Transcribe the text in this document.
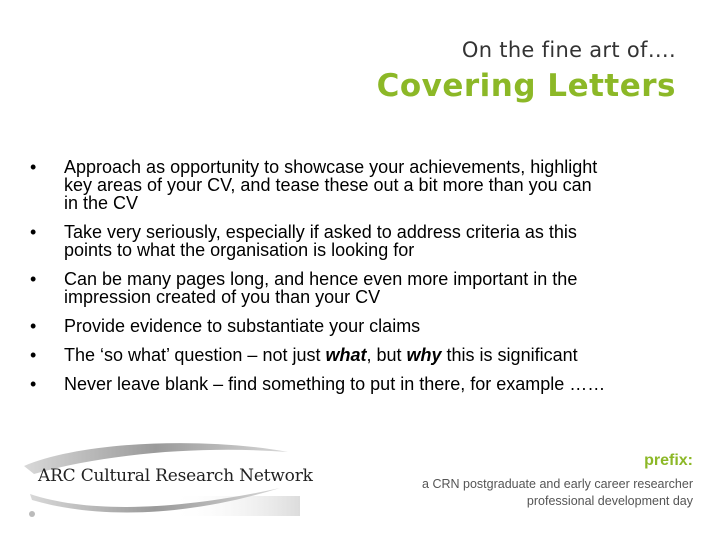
On the fine art of….
Covering Letters
• Approach as opportunity to showcase your achievements, highlight
key areas of your CV, and tease these out a bit more than you can
in the CV
• Take very seriously, especially if asked to address criteria as this
points to what the organisation is looking for
• Can be many pages long, and hence even more important in the
impression created of you than your CV
• Provide evidence to substantiate your claims
• The ‘so what’ question – not just what, but why this is significant
• Never leave blank – find something to put in there, for example ……
ARC Cultural Research Network
prefix:
a CRN postgraduate and early career researcher
professional development day
